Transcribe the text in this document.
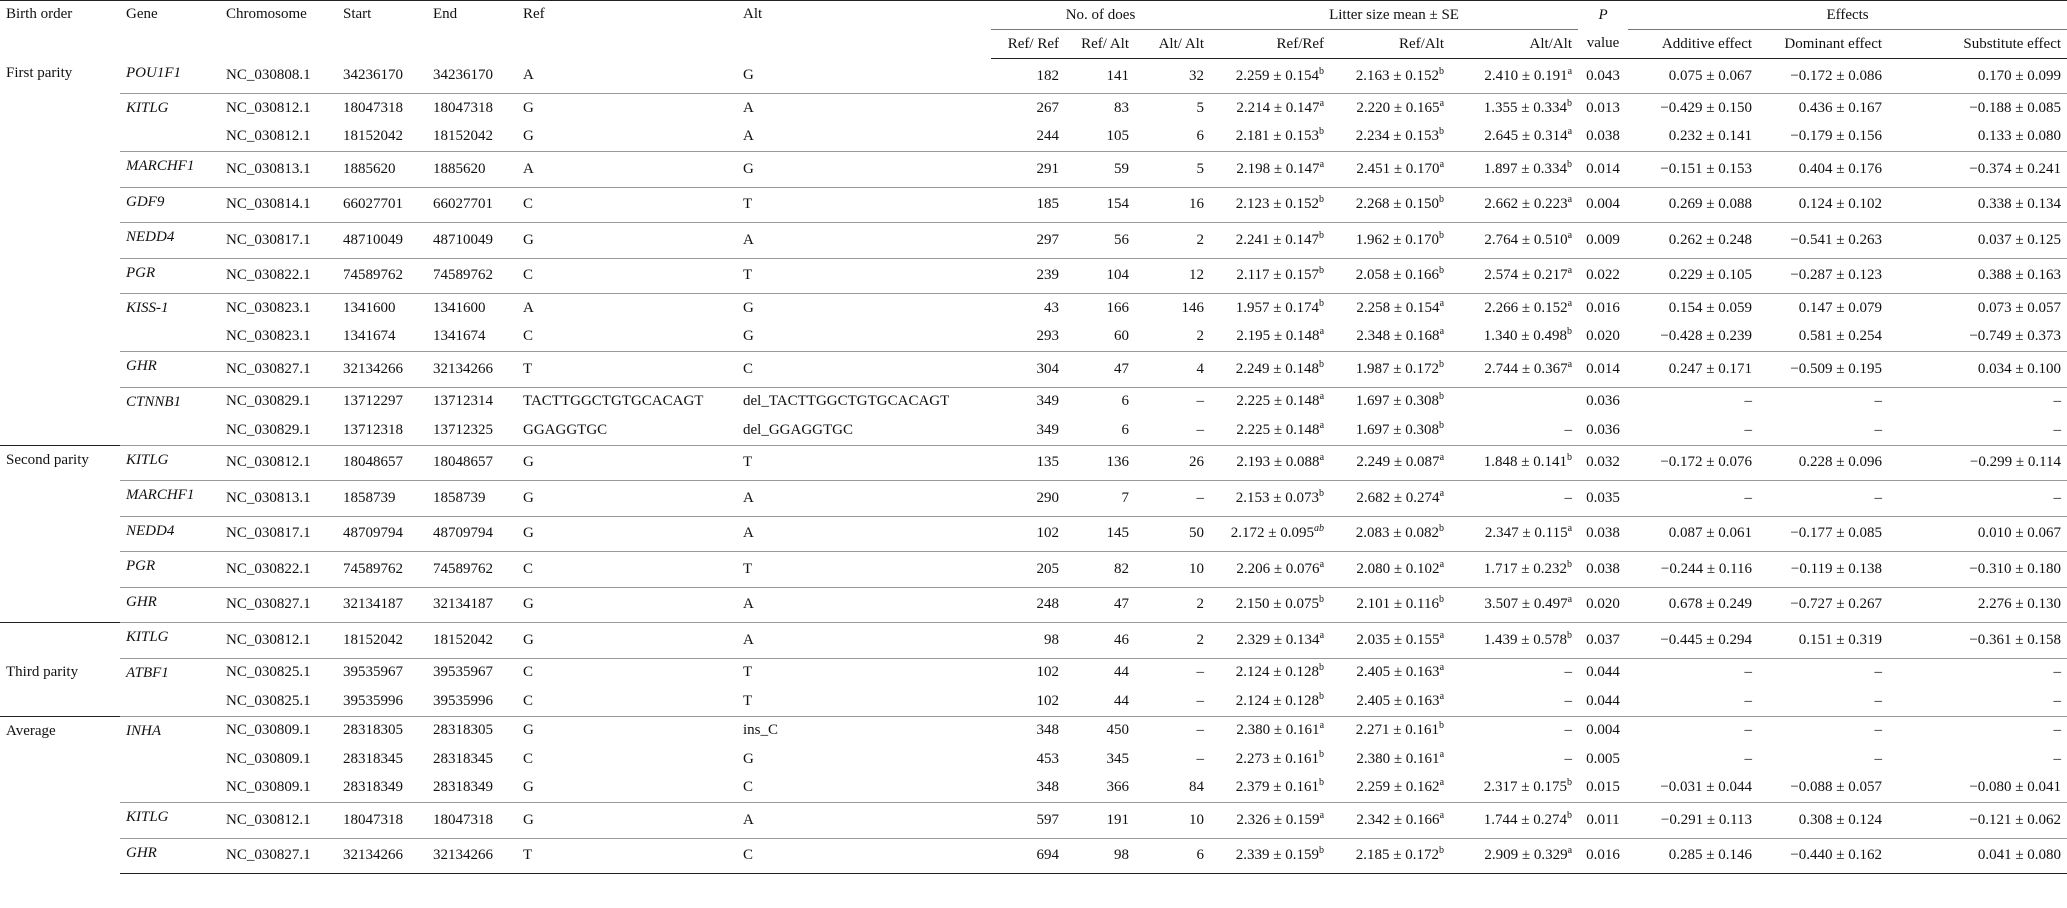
Birth order	Gene	Chromosome	Start	End	Ref	Alt	No. of does			Litter size mean ± SE			P	Effects		
							Ref/ Ref	Ref/ Alt	Alt/ Alt	Ref/Ref	Ref/Alt	Alt/Alt	value	Additive effect	Dominant effect	Substitute effect
First parity	POU1F1	NC_030808.1	34236170	34236170	A	G	182	141	32	2.259 ± 0.154$^b$	2.163 ± 0.152$^b$	2.410 ± 0.191$^a$	0.043	0.075 ± 0.067	−0.172 ± 0.086	0.170 ± 0.099
	KITLG	NC_030812.1	18047318	18047318	G	A	267	83	5	2.214 ± 0.147$^a$	2.220 ± 0.165$^a$	1.355 ± 0.334$^b$	0.013	−0.429 ± 0.150	0.436 ± 0.167	−0.188 ± 0.085
		NC_030812.1	18152042	18152042	G	A	244	105	6	2.181 ± 0.153$^b$	2.234 ± 0.153$^b$	2.645 ± 0.314$^a$	0.038	0.232 ± 0.141	−0.179 ± 0.156	0.133 ± 0.080
	MARCHF1	NC_030813.1	1885620	1885620	A	G	291	59	5	2.198 ± 0.147$^a$	2.451 ± 0.170$^a$	1.897 ± 0.334$^b$	0.014	−0.151 ± 0.153	0.404 ± 0.176	−0.374 ± 0.241
	GDF9	NC_030814.1	66027701	66027701	C	T	185	154	16	2.123 ± 0.152$^b$	2.268 ± 0.150$^b$	2.662 ± 0.223$^a$	0.004	0.269 ± 0.088	0.124 ± 0.102	0.338 ± 0.134
	NEDD4	NC_030817.1	48710049	48710049	G	A	297	56	2	2.241 ± 0.147$^b$	1.962 ± 0.170$^b$	2.764 ± 0.510$^a$	0.009	0.262 ± 0.248	−0.541 ± 0.263	0.037 ± 0.125
	PGR	NC_030822.1	74589762	74589762	C	T	239	104	12	2.117 ± 0.157$^b$	2.058 ± 0.166$^b$	2.574 ± 0.217$^a$	0.022	0.229 ± 0.105	−0.287 ± 0.123	0.388 ± 0.163
	KISS-1	NC_030823.1	1341600	1341600	A	G	43	166	146	1.957 ± 0.174$^b$	2.258 ± 0.154$^a$	2.266 ± 0.152$^a$	0.016	0.154 ± 0.059	0.147 ± 0.079	0.073 ± 0.057
		NC_030823.1	1341674	1341674	C	G	293	60	2	2.195 ± 0.148$^a$	2.348 ± 0.168$^a$	1.340 ± 0.498$^b$	0.020	−0.428 ± 0.239	0.581 ± 0.254	−0.749 ± 0.373
	GHR	NC_030827.1	32134266	32134266	T	C	304	47	4	2.249 ± 0.148$^b$	1.987 ± 0.172$^b$	2.744 ± 0.367$^a$	0.014	0.247 ± 0.171	−0.509 ± 0.195	0.034 ± 0.100
	CTNNB1	NC_030829.1	13712297	13712314	TACTTGGCTGTGCACAGT	del_TACTTGGCTGTGCACAGT	349	6	–	2.225 ± 0.148$^a$	1.697 ± 0.308$^b$		0.036	–	–	–
		NC_030829.1	13712318	13712325	GGAGGTGC	del_GGAGGTGC	349	6	–	2.225 ± 0.148$^a$	1.697 ± 0.308$^b$	–	0.036	–	–	–
Second parity	KITLG	NC_030812.1	18048657	18048657	G	T	135	136	26	2.193 ± 0.088$^a$	2.249 ± 0.087$^a$	1.848 ± 0.141$^b$	0.032	−0.172 ± 0.076	0.228 ± 0.096	−0.299 ± 0.114
	MARCHF1	NC_030813.1	1858739	1858739	G	A	290	7	–	2.153 ± 0.073$^b$	2.682 ± 0.274$^a$	–	0.035	–	–	–
	NEDD4	NC_030817.1	48709794	48709794	G	A	102	145	50	2.172 ± 0.095$^{ab}$	2.083 ± 0.082$^b$	2.347 ± 0.115$^a$	0.038	0.087 ± 0.061	−0.177 ± 0.085	0.010 ± 0.067
	PGR	NC_030822.1	74589762	74589762	C	T	205	82	10	2.206 ± 0.076$^a$	2.080 ± 0.102$^a$	1.717 ± 0.232$^b$	0.038	−0.244 ± 0.116	−0.119 ± 0.138	−0.310 ± 0.180
	GHR	NC_030827.1	32134187	32134187	G	A	248	47	2	2.150 ± 0.075$^b$	2.101 ± 0.116$^b$	3.507 ± 0.497$^a$	0.020	0.678 ± 0.249	−0.727 ± 0.267	2.276 ± 0.130
Third parity	KITLG	NC_030812.1	18152042	18152042	G	A	98	46	2	2.329 ± 0.134$^a$	2.035 ± 0.155$^a$	1.439 ± 0.578$^b$	0.037	−0.445 ± 0.294	0.151 ± 0.319	−0.361 ± 0.158
	ATBF1	NC_030825.1	39535967	39535967	C	T	102	44	–	2.124 ± 0.128$^b$	2.405 ± 0.163$^a$	–	0.044	–	–	–
		NC_030825.1	39535996	39535996	C	T	102	44	–	2.124 ± 0.128$^b$	2.405 ± 0.163$^a$	–	0.044	–	–	–
Average	INHA	NC_030809.1	28318305	28318305	G	ins_C	348	450	–	2.380 ± 0.161$^a$	2.271 ± 0.161$^b$	–	0.004	–	–	–
		NC_030809.1	28318345	28318345	C	G	453	345	–	2.273 ± 0.161$^b$	2.380 ± 0.161$^a$	–	0.005	–	–	–
		NC_030809.1	28318349	28318349	G	C	348	366	84	2.379 ± 0.161$^b$	2.259 ± 0.162$^a$	2.317 ± 0.175$^b$	0.015	−0.031 ± 0.044	−0.088 ± 0.057	−0.080 ± 0.041
	KITLG	NC_030812.1	18047318	18047318	G	A	597	191	10	2.326 ± 0.159$^a$	2.342 ± 0.166$^a$	1.744 ± 0.274$^b$	0.011	−0.291 ± 0.113	0.308 ± 0.124	−0.121 ± 0.062
	GHR	NC_030827.1	32134266	32134266	T	C	694	98	6	2.339 ± 0.159$^b$	2.185 ± 0.172$^b$	2.909 ± 0.329$^a$	0.016	0.285 ± 0.146	−0.440 ± 0.162	0.041 ± 0.080
